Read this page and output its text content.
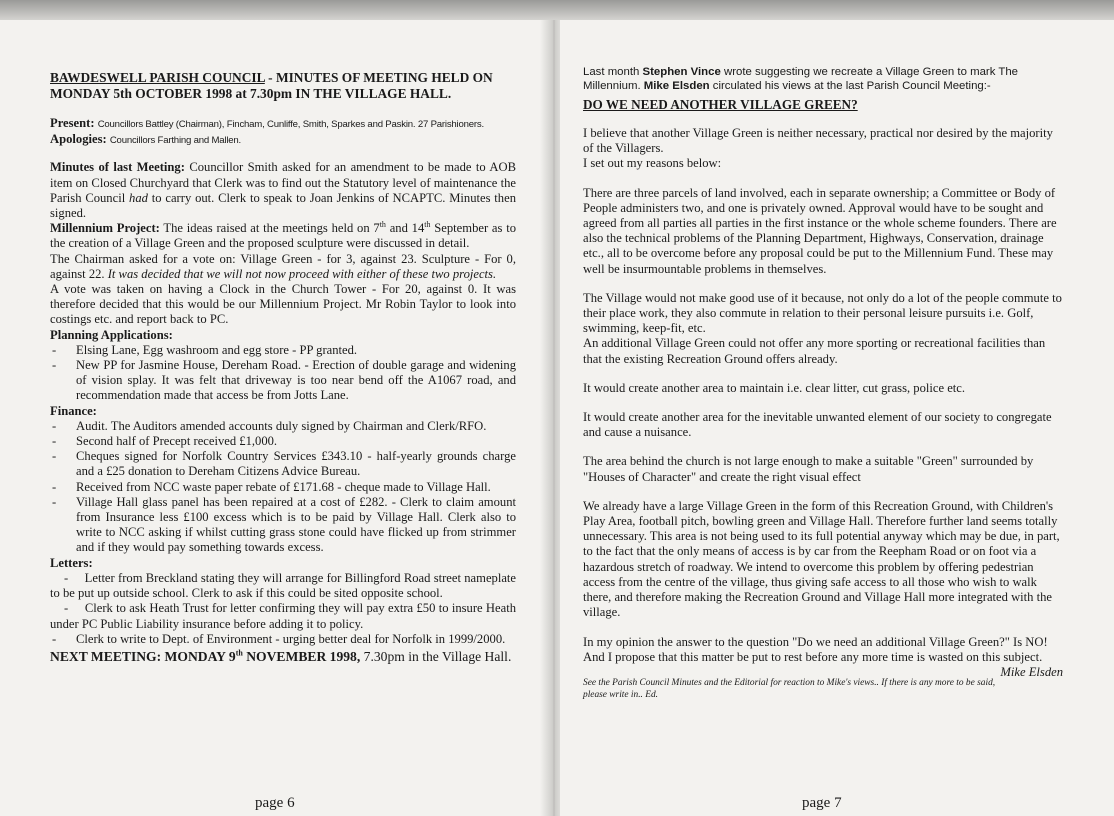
BAWDESWELL PARISH COUNCIL - MINUTES OF MEETING HELD ON MONDAY 5th OCTOBER 1998 at 7.30pm IN THE VILLAGE HALL.

Present: Councillors Battley (Chairman), Fincham, Cunliffe, Smith, Sparkes and Paskin. 27 Parishioners.

Apologies: Councillors Farthing and Mallen.

Minutes of last Meeting: Councillor Smith asked for an amendment to be made to AOB item on Closed Churchyard that Clerk was to find out the Statutory level of maintenance the Parish Council had to carry out. Clerk to speak to Joan Jenkins of NCAPTC. Minutes then signed.

Millennium Project: The ideas raised at the meetings held on 7th and 14th September as to the creation of a Village Green and the proposed sculpture were discussed in detail.

The Chairman asked for a vote on: Village Green - for 3, against 23. Sculpture - For 0, against 22. It was decided that we will not now proceed with either of these two projects.

A vote was taken on having a Clock in the Church Tower - For 20, against 0. It was therefore decided that this would be our Millennium Project. Mr Robin Taylor to look into costings etc. and report back to PC.

Planning Applications:

- Elsing Lane, Egg washroom and egg store - PP granted.
- New PP for Jasmine House, Dereham Road. - Erection of double garage and widening of vision splay. It was felt that driveway is too near bend off the A1067 road, and recommendation made that access be from Jotts Lane.

Finance:

- Audit. The Auditors amended accounts duly signed by Chairman and Clerk/RFO.
- Second half of Precept received £1,000.
- Cheques signed for Norfolk Country Services £343.10 - half-yearly grounds charge and a £25 donation to Dereham Citizens Advice Bureau.
- Received from NCC waste paper rebate of £171.68 - cheque made to Village Hall.
- Village Hall glass panel has been repaired at a cost of £282. - Clerk to claim amount from Insurance less £100 excess which is to be paid by Village Hall. Clerk also to write to NCC asking if whilst cutting grass stone could have flicked up from strimmer and if they would pay something towards excess.

Letters:

-     Letter from Breckland stating they will arrange for Billingford Road street nameplate to be put up outside school. Clerk to ask if this could be sited opposite school.

-     Clerk to ask Heath Trust for letter confirming they will pay extra £50 to insure Heath under PC Public Liability insurance before adding it to policy.

- Clerk to write to Dept. of Environment - urging better deal for Norfolk in 1999/2000.

NEXT MEETING: MONDAY 9th NOVEMBER 1998, 7.30pm in the Village Hall.

page 6

Last month Stephen Vince wrote suggesting we recreate a Village Green to mark The Millennium. Mike Elsden circulated his views at the last Parish Council Meeting:-

DO WE NEED ANOTHER VILLAGE GREEN?

I believe that another Village Green is neither necessary, practical nor desired by the majority of the Villagers.

I set out my reasons below:

There are three parcels of land involved, each in separate ownership; a Committee or Body of People administers two, and one is privately owned. Approval would have to be sought and agreed from all parties all parties in the first instance or the whole scheme founders. There are also the technical problems of the Planning Department, Highways, Conservation, drainage etc., all to be overcome before any proposal could be put to the Millennium Fund. These may well be insurmountable problems in themselves.

The Village would not make good use of it because, not only do a lot of the people commute to their place work, they also commute in relation to their personal leisure pursuits i.e. Golf, swimming, keep-fit, etc.

An additional Village Green could not offer any more sporting or recreational facilities than that the existing Recreation Ground offers already.

It would create another area to maintain i.e. clear litter, cut grass, police etc.

It would create another area for the inevitable unwanted element of our society to congregate and cause a nuisance.

The area behind the church is not large enough to make a suitable "Green" surrounded by "Houses of Character" and create the right visual effect

We already have a large Village Green in the form of this Recreation Ground, with Children's Play Area, football pitch, bowling green and Village Hall. Therefore further land seems totally unnecessary. This area is not being used to its full potential anyway which may be due, in part, to the fact that the only means of access is by car from the Reepham Road or on foot via a hazardous stretch of roadway. We intend to overcome this problem by offering pedestrian access from the centre of the village, thus giving safe access to all those who wish to walk there, and therefore making the Recreation Ground and Village Hall more integrated with the village.

In my opinion the answer to the question "Do we need an additional Village Green?" Is NO! And I propose that this matter be put to rest before any more time is wasted on this subject.
Mike Elsden

See the Parish Council Minutes and the Editorial for reaction to Mike's views.. If there is any more to be said, please write in.. Ed.

page 7
